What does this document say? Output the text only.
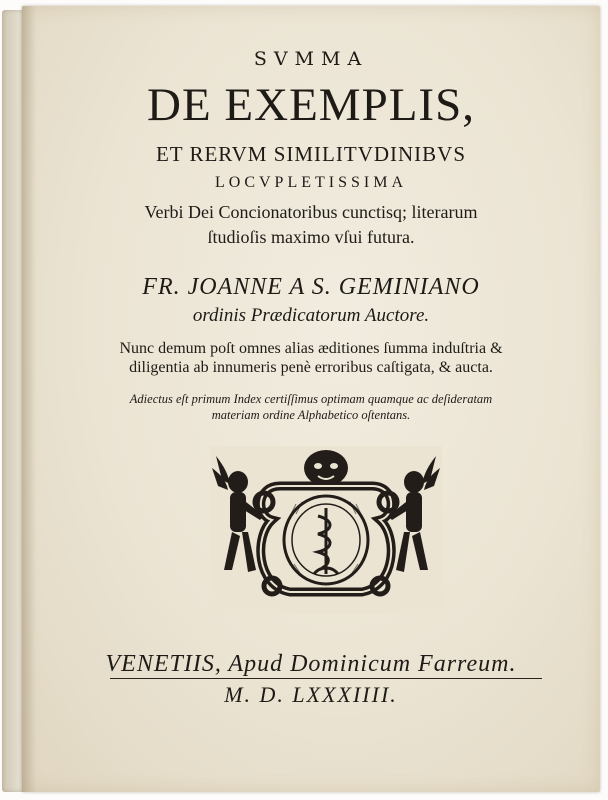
SVMMA
DE EXEMPLIS,
ET RERVM SIMILITVDINIBVS
LOCVPLETISSIMA
Verbi Dei Concionatoribus cunctisq; literarum
ſtudioſis maximo vſui futura.
FR. JOANNE A S. GEMINIANO
ordinis Prædicatorum Auctore.
Nunc demum poſt omnes alias æditiones ſumma induſtria &
diligentia ab innumeris penè erroribus caſtigata, & aucta.
Adiectus eſt primum Index certiſſimus optimam quamque ac deſideratam
materiam ordine Alphabetico oſtentans.
VENETIIS, Apud Dominicum Farreum.
M. D. LXXXIIII.
